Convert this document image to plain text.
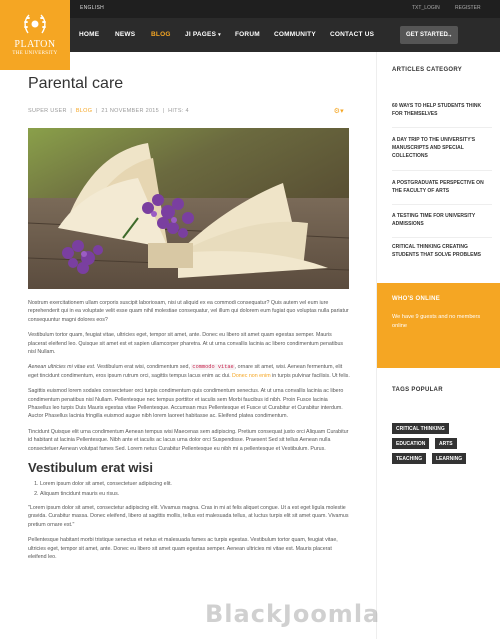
ENGLISH	TXT_LOGIN	REGISTER
HOME NEWS BLOG JI PAGES ▾ FORUM COMMUNITY CONTACT US	GET STARTED
→
PLATON
THE UNIVERSITY
Parental care
SUPER USER  |  BLOG  |  21 NOVEMBER 2015  |  HITS: 4	⚙▾

Nostrum exercitationem ullam corporis suscipit laboriosam, nisi ut aliquid ex ea commodi consequatur? Quis autem vel eum iure reprehenderit qui in ea voluptate velit esse quam nihil molestiae consequatur, vel illum qui dolorem eum fugiat quo voluptas nulla pariatur consequuntur magni dolores eos?

Vestibulum tortor quam, feugiat vitae, ultricies eget, tempor sit amet, ante. Donec eu libero sit amet quam egestas semper. Mauris placerat eleifend leo. Quisque sit amet est et sapien ullamcorper pharetra. At ut urna convallis lacinia ac libero condimentum penatibus nisl Nullam.

Aenean ultricies mi vitae est. Vestibulum erat wisi, condimentum sed, commodo vitae, ornare sit amet, wisi. Aenean fermentum, elit eget tincidunt condimentum, eros ipsum rutrum orci, sagittis tempus lacus enim ac dui. Donec non enim in turpis pulvinar facilisis. Ut felis.

Sagittis euismod lorem sodales consectetuer orci turpis condimentum quis condimentum senectus. At ut urna convallis lacinia ac libero condimentum penatibus nisl Nullam. Pellentesque nec tempus porttitor et iaculis sem Morbi faucibus id nibh. Proin Fusce lacinia Phasellus leo turpis Duis Mauris egestas vitae Pellentesque. Accumsan mus Pellentesque et Fusce ut Curabitur et Curabitur interdum. Auctor Phasellus lacinia fringilla euismod augue nibh lorem laoreet habitasse ac. Eleifend platea condimentum.

Tincidunt Quisque elit urna condimentum Aenean tempus wisi Maecenas sem adipiscing. Pretium consequat justo orci Aliquam Curabitur id habitant at lacinia Pellentesque. Nibh ante et iaculis ac lacus urna dolor orci Suspendisse. Praesent Sed sit tellus Aenean nulla consectetuer Aenean volutpat fames Sed. Lorem netus Curabitur Pellentesque eu nibh mi a pellentesque et Vestibulum. Purus.

Vestibulum erat wisi
1. Lorem ipsum dolor sit amet, consectetuer adipiscing elit.
2. Aliquam tincidunt mauris eu risus.

"Lorem ipsum dolor sit amet, consectetur adipiscing elit. Vivamus magna. Cras in mi at felis aliquet congue. Ut a est eget ligula molestie gravida. Curabitur massa. Donec eleifend, libero at sagittis mollis, tellus est malesuada tellus, at luctus turpis elit sit amet quam. Vivamus pretium ornare est."

Pellentesque habitant morbi tristique senectus et netus et malesuada fames ac turpis egestas. Vestibulum tortor quam, feugiat vitae, ultricies eget, tempor sit amet, ante. Donec eu libero sit amet quam egestas semper. Aenean ultricies mi vitae est. Mauris placerat eleifend leo.

ARTICLES CATEGORY
60 WAYS TO HELP STUDENTS THINK FOR THEMSELVES
A DAY TRIP TO THE UNIVERSITY'S MANUSCRIPTS AND SPECIAL COLLECTIONS
A POSTGRADUATE PERSPECTIVE ON THE FACULTY OF ARTS
A TESTING TIME FOR UNIVERSITY ADMISSIONS
CRITICAL THINKING CREATING STUDENTS THAT SOLVE PROBLEMS
WHO'S ONLINE
We have 9 guests and no members online
TAGS POPULAR
CRITICAL THINKING
EDUCATION	ARTS
TEACHING	LEARNING
BlackJoomla
